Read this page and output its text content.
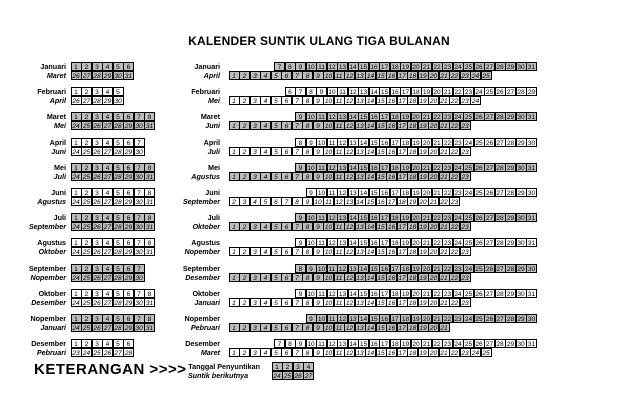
KALENDER SUNTIK ULANG TIGA BULANAN
Januari	1	2	3	4	5	6
Maret 26 27 28 29 30 31
Januari	7	8	9 10 11 12 13 14 15 16 17 18 19 20 21 22 23 24 25 26 27 28 29 30 31
April	1	2	3	4	5	6	7	8	9 10 11 12 13 14 15 16 17 18 19 20 21 22 23 24 25
Februari	1	2	3	4	5
April 26 27 28 29 30
Februari	6	7	8	9 10 11 12 13 14 15 16 17 18 19 20 21 22 23 24 25 26 27 28 29
Mei	1	2	3	4	5	6	7	8	9 10 11 12 13 14 15 16 17 18 19 20 21 22 23 24
Maret	1	2	3	4	5	6	7	8
Mei 24 25 26 27 28 29 30 31
Maret	9 10 11 12 13 14 15 16 17 18 19 20 21 22 23 24 25 26 27 28 29 30 31
Juni	1	2	3	4	5	6	7	8	9 10 11 12 13 14 15 16 17 18 19 20 21 22 23
April	1	2	3	4	5	6	7
Juni 24 25 26 27 28 29 30
April	8	9 10 11 12 13 14 15 16 17 18 19 20 21 22 23 24 25 26 27 28 29 30
Juli	1	2	3	4	5	6	7	8	9 10 11 12 13 14 15 16 17 18 19 20 21 22 23
Mei	1	2	3	4	5	6	7	8
Juli 24 25 26 27 28 29 30 31
Mei	9 10 11 12 13 14 15 16 17 18 19 20 21 22 23 24 25 26 27 28 29 30 31
Agustus	1	2	3	4	5	6	7	8	9 10 11 12 13 14 15 16 17 18 19 20 21 22 23
Juni	1	2	3	4	5	6	7	8
Agustus 24 25 26 27 28 29 30 31
Juni	9 10 11 12 13 14 15 16 17 18 19 20 21 22 23 24 25 26 27 28 29 30
September	2	3	4	5	6	7	8	9 10 11 12 13 14 15 16 17 18 19 20 21 22 23
Juli	1	2	3	4	5	6	7	8
September 24 25 26 27 28 29 30 31
Juli	9 10 11 12 13 14 15 16 17 18 19 20 21 22 23 24 25 26 27 28 29 30 31
Oktober	1	2	3	4	5	6	7	8	9 10 11 12 13 14 15 16 17 18 19 20 21 22 23
Agustus	1	2	3	4	5	6	7	8
Oktober 24 25 26 27 28 29 30 31
Agustus	9 10 11 12 13 14 15 16 17 18 19 20 21 22 23 24 25 26 27 28 29 30 31
Nopember	1	2	3	4	5	6	7	8	9 10 11 12 13 14 15 16 17 18 19 20 21 22 23
September	1	2	3	4	5	6	7
Nopember 24 25 26 27 28 29 30
September	8	9 10 11 12 13 14 15 16 17 18 19 20 21 22 23 24 25 26 27 28 29 30
Desember	1	2	3	4	5	6	7	8	9 10 11 12 13 14 15 16 17 18 19 20 21 22 23
Oktober	1	2	3	4	5	6	7	8
Desember 24 25 26 27 28 29 30 31
Oktober	9 10 11 12 13 14 15 16 17 18 19 20 21 22 23 24 25 26 27 28 29 30 31
Januari	1	2	3	4	5	6	7	8	9 10 11 12 13 14 15 16 17 18 19 20 21 22 23
Nopember	1	2	3	4	5	6	7	8
Januari 24 25 26 27 28 29 30 31
Nopember	9 10 11 12 13 14 15 16 17 18 19 20 21 22 23 24 25 26 27 28 29 30
Pebruari	1	2	3	4	5	6	7	8	9 10 11 12 13 14 15 16 17 18 19 20 21
Desember	1	2	3	4	5	6
Pebruari 23 24 25 26 27 28
Desember	7	8	9 10 11 12 13 14 15 16 17 18 19 20 21 22 23 24 25 26 27 28 29 30 31
Maret	1	2	3	4	5	6	7	8	9 10 11 12 13 14 15 16 17 18 19 20 21 22 23 24 25
KETERANGAN >>>> Tanggal Penyuntikan	1	2	3	4
Suntik berikutnya	24 25 26 27
